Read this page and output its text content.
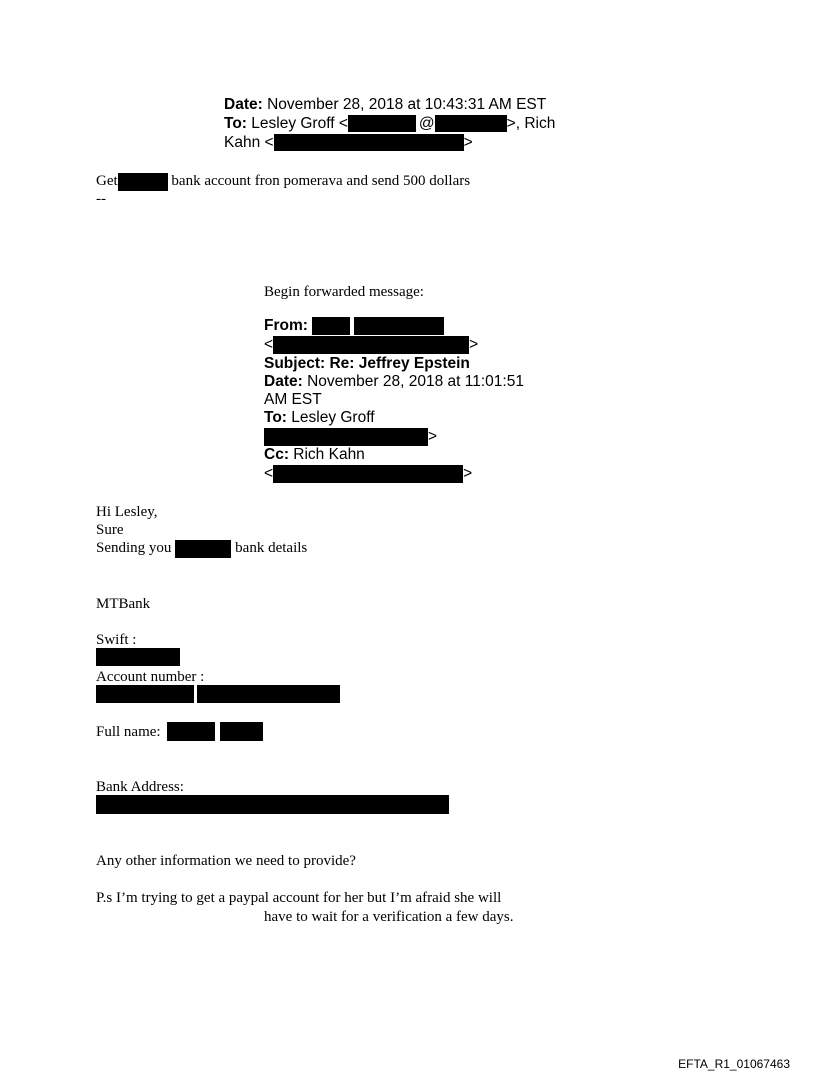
Date: November 28, 2018 at 10:43:31 AM EST
To: Lesley Groff <	@	>, Rich
Kahn <	>
Get	bank account fron pomerava and send 500 dollars
--
Begin forwarded message:
From:
<	>
Subject: Re: Jeffrey Epstein
Date: November 28, 2018 at 11:01:51
AM EST
To: Lesley Groff
>
Cc: Rich Kahn
<	>
Hi Lesley,
Sure
Sending you	bank details
MTBank
Swift :
Account number :
Full name:
Bank Address:
Any other information we need to provide?
P.s I’m trying to get a paypal account for her but I’m afraid she will
have to wait for a verification a few days.
EFTA_R1_01067463
